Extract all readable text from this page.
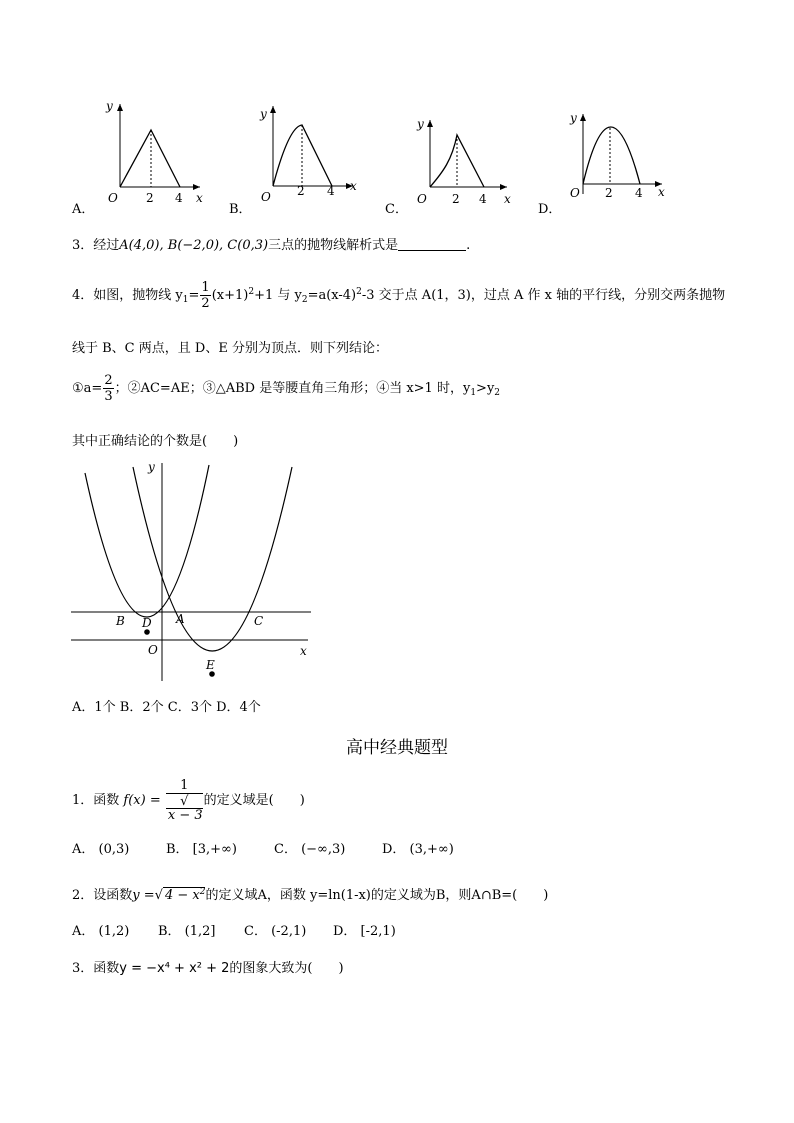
y
x
O 2 4
y
x
O 2 4
y
x
O 2 4
y
x
O 2 4
A．	B．	C．	D．
3．经过A(4,0), B(−2,0), C(0,3)三点的抛物线解析式是	.
4．如图，抛物线 $y_1= \frac{1}{2} (x+1)^2+1$ 与 $y_2=a(x-4)^2-3$ 交于点 A(1，3)，过点 A 作 x 轴的平行线，分别交两条抛物
线于 B、C 两点，且 D、E 分别为顶点．则下列结论：
①a= $\frac{2}{3}$ ；②AC=AE；③△ABD 是等腰直角三角形；④当 x>1 时，$y_1>y_2$
其中正确结论的个数是(　　)
y
x
O
A
B	C
D
E
A．1个 B．2个 C．3个 D．4个
高中经典题型
1．函数 f(x) = 1
√
x − 3 的定义域是(　　)
A． (0,3)	B． [3,+∞)	C． (−∞,3)	D． (3,+∞)
2．设函数y =√ $4 - x^2$的定义域A，函数 y=ln(1-x)的定义域为B，则A∩B=(　　)
A． (1,2) B． (1,2] C． (-2,1) D． [-2,1)
3．函数y = −x⁴ + x² + 2的图象大致为(　　)
